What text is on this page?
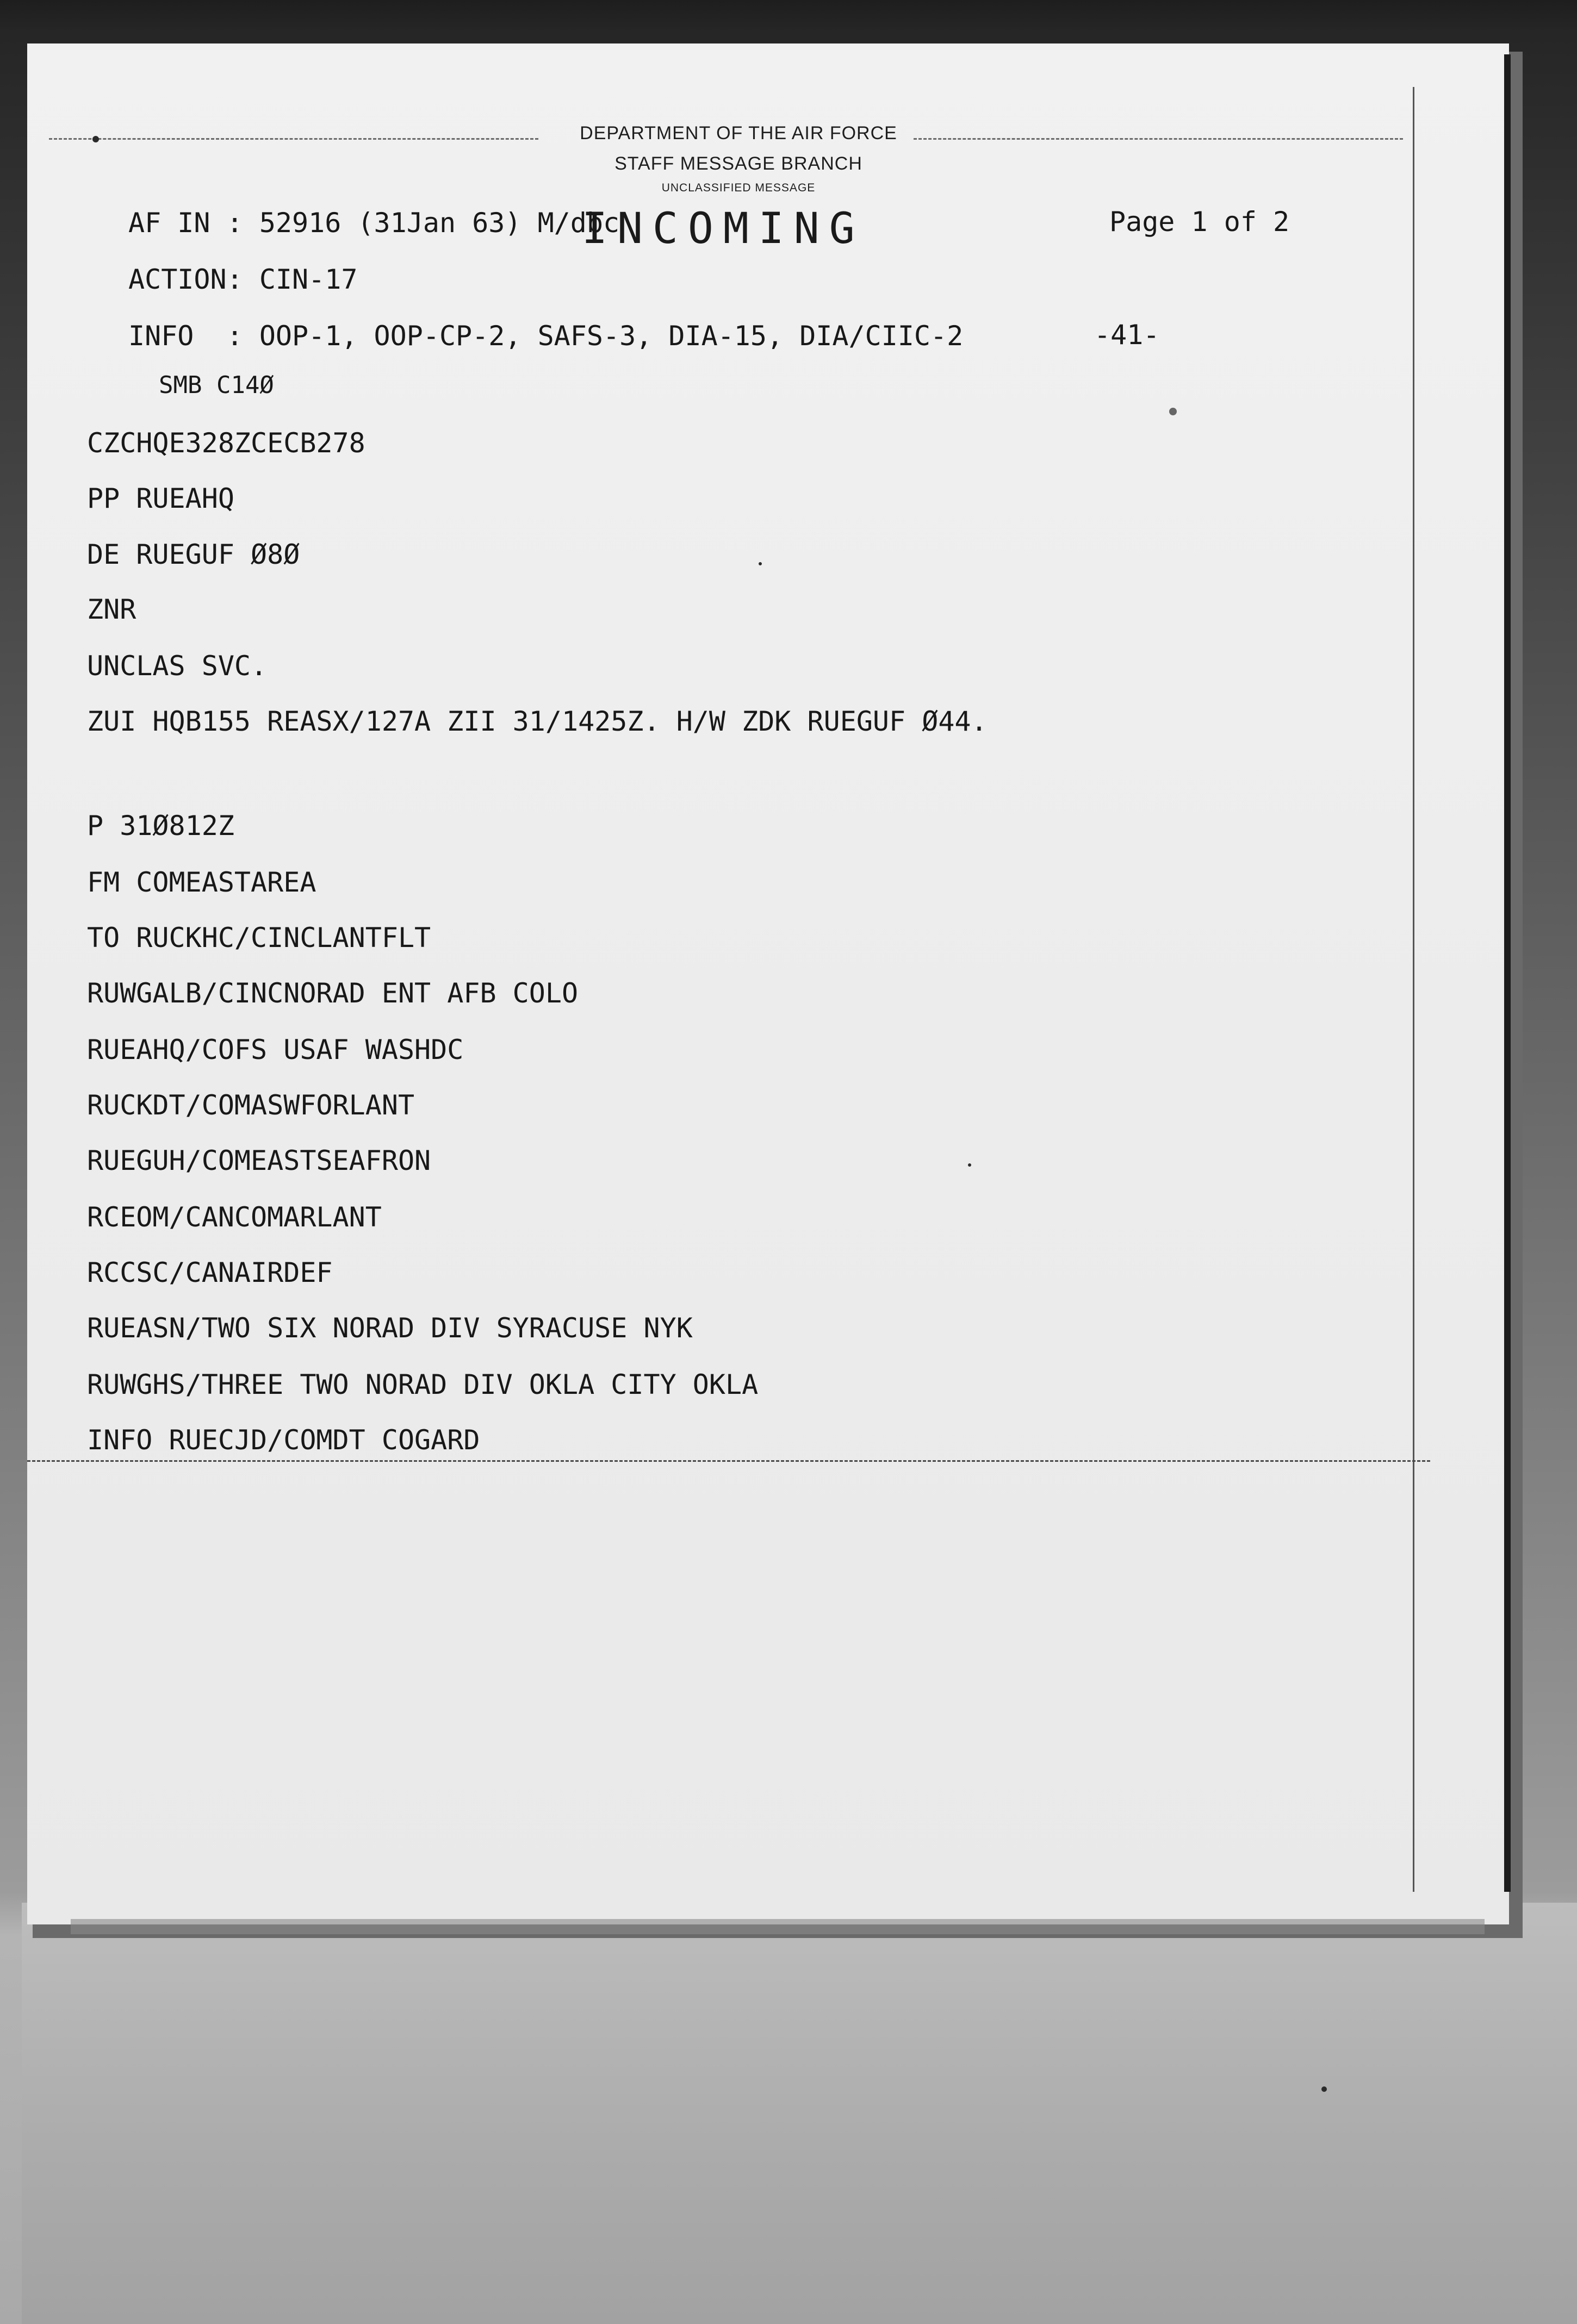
DEPARTMENT OF THE AIR FORCE
STAFF MESSAGE BRANCH
UNCLASSIFIED MESSAGE
INCOMING
AF IN : 52916 (31Jan 63) M/dbc	Page 1 of 2
ACTION: CIN-17
INFO  : OOP-1, OOP-CP-2, SAFS-3, DIA-15, DIA/CIIC-2	-41-
SMB C14Ø
CZCHQE328ZCECB278
PP RUEAHQ
DE RUEGUF Ø8Ø
ZNR
UNCLAS SVC.
ZUI HQB155 REASX/127A ZII 31/1425Z. H/W ZDK RUEGUF Ø44.
P 31Ø812Z
FM COMEASTAREA
TO RUCKHC/CINCLANTFLT
RUWGALB/CINCNORAD ENT AFB COLO
RUEAHQ/COFS USAF WASHDC
RUCKDT/COMASWFORLANT
RUEGUH/COMEASTSEAFRON
RCEOM/CANCOMARLANT
RCCSC/CANAIRDEF
RUEASN/TWO SIX NORAD DIV SYRACUSE NYK
RUWGHS/THREE TWO NORAD DIV OKLA CITY OKLA
INFO RUECJD/COMDT COGARD
